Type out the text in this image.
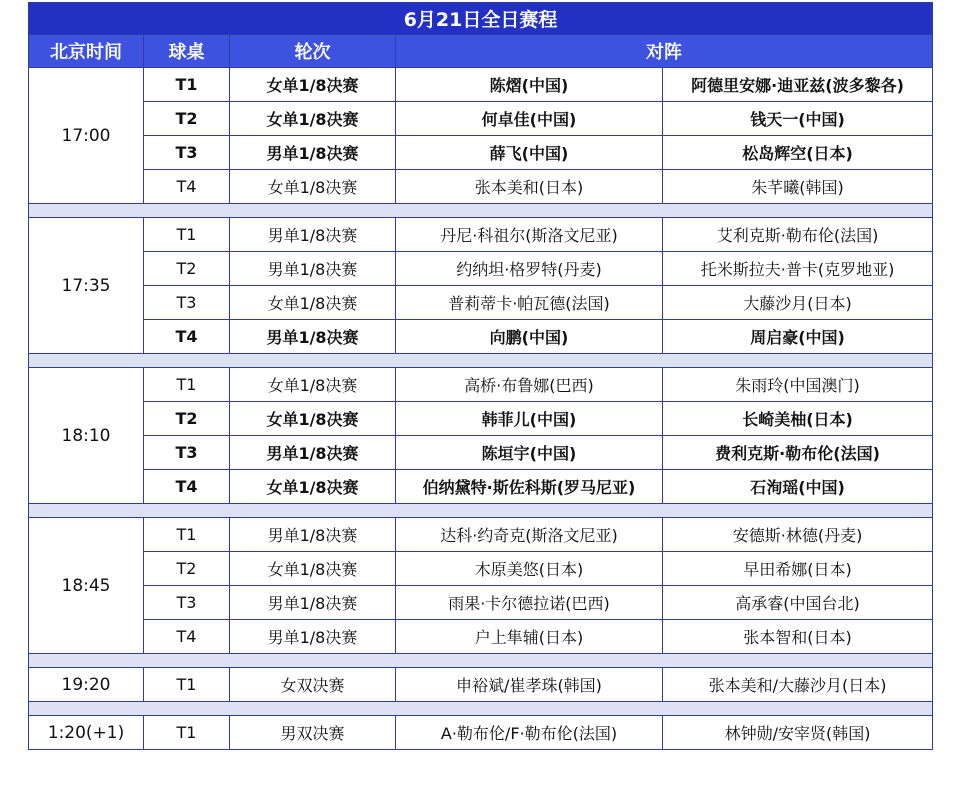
6月21日全日赛程				
北京时间	球桌	轮次	对阵	
17:00	T1	女单1/8决赛	陈熠(中国)	阿德里安娜·迪亚兹(波多黎各)
	T2	女单1/8决赛	何卓佳(中国)	钱天一(中国)
	T3	男单1/8决赛	薛飞(中国)	松岛辉空(日本)
	T4	女单1/8决赛	张本美和(日本)	朱芊曦(韩国)

17:35	T1	男单1/8决赛	丹尼·科祖尔(斯洛文尼亚)	艾利克斯·勒布伦(法国)
	T2	男单1/8决赛	约纳坦·格罗特(丹麦)	托米斯拉夫·普卡(克罗地亚)
	T3	女单1/8决赛	普莉蒂卡·帕瓦德(法国)	大藤沙月(日本)
	T4	男单1/8决赛	向鹏(中国)	周启豪(中国)

18:10	T1	女单1/8决赛	高桥·布鲁娜(巴西)	朱雨玲(中国澳门)
	T2	女单1/8决赛	韩菲儿(中国)	长崎美柚(日本)
	T3	男单1/8决赛	陈垣宇(中国)	费利克斯·勒布伦(法国)
	T4	女单1/8决赛	伯纳黛特·斯佐科斯(罗马尼亚)	石洵瑶(中国)

18:45	T1	男单1/8决赛	达科·约奇克(斯洛文尼亚)	安德斯·林德(丹麦)
	T2	女单1/8决赛	木原美悠(日本)	早田希娜(日本)
	T3	男单1/8决赛	雨果·卡尔德拉诺(巴西)	高承睿(中国台北)
	T4	男单1/8决赛	户上隼辅(日本)	张本智和(日本)

19:20	T1	女双决赛	申裕斌/崔孝珠(韩国)	张本美和/大藤沙月(日本)

1:20(+1)	T1	男双决赛	A·勒布伦/F·勒布伦(法国)	林钟勋/安宰贤(韩国)
